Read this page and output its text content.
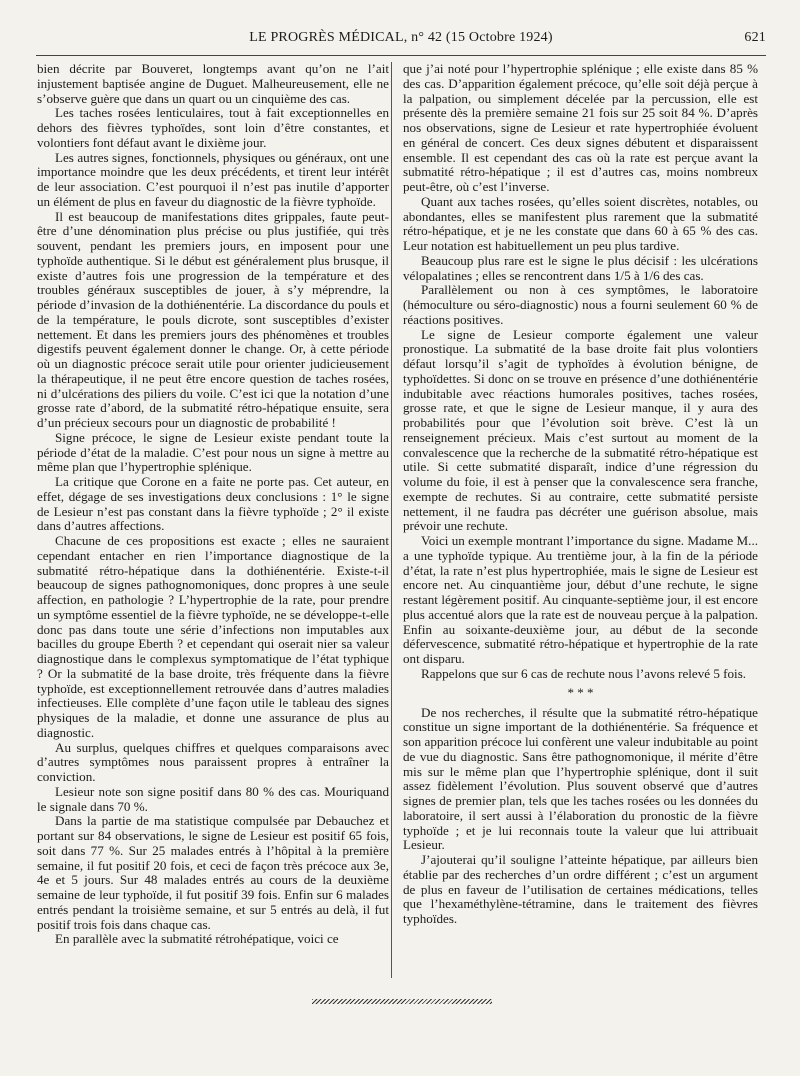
LE PROGRÈS MÉDICAL, n° 42 (15 Octobre 1924)	621

bien décrite par Bouveret, longtemps avant qu’on ne l’ait injustement baptisée angine de Duguet. Malheureusement, elle ne s’observe guère que dans un quart ou un cinquième des cas.

Les taches rosées lenticulaires, tout à fait exceptionnelles en dehors des fièvres typhoïdes, sont loin d’être constantes, et volontiers font défaut avant le dixième jour.

Les autres signes, fonctionnels, physiques ou généraux, ont une importance moindre que les deux précédents, et tirent leur intérêt de leur association. C’est pourquoi il n’est pas inutile d’apporter un élément de plus en faveur du diagnostic de la fièvre typhoïde.

Il est beaucoup de manifestations dites grippales, faute peut-être d’une dénomination plus précise ou plus justifiée, qui très souvent, pendant les premiers jours, en imposent pour une typhoïde authentique. Si le début est généralement plus brusque, il existe d’autres fois une progression de la température et des troubles généraux susceptibles de jouer, à s’y méprendre, la période d’invasion de la dothiénentérie. La discordance du pouls et de la température, le pouls dicrote, sont susceptibles d’exister nettement. Et dans les premiers jours des phénomènes et troubles digestifs peuvent également donner le change. Or, à cette période où un diagnostic précoce serait utile pour orienter judicieusement la thérapeutique, il ne peut être encore question de taches rosées, ni d’ulcérations des piliers du voile. C’est ici que la notation d’une grosse rate d’abord, de la submatité rétro-hépatique ensuite, sera d’un précieux secours pour un diagnostic de probabilité !

Signe précoce, le signe de Lesieur existe pendant toute la période d’état de la maladie. C’est pour nous un signe à mettre au même plan que l’hypertrophie splénique.

La critique que Corone en a faite ne porte pas. Cet auteur, en effet, dégage de ses investigations deux conclusions : 1° le signe de Lesieur n’est pas constant dans la fièvre typhoïde ; 2° il existe dans d’autres affections.

Chacune de ces propositions est exacte ; elles ne sauraient cependant entacher en rien l’importance diagnostique de la submatité rétro-hépatique dans la dothiénentérie. Existe-t-il beaucoup de signes pathognomoniques, donc propres à une seule affection, en pathologie ? L’hypertrophie de la rate, pour prendre un symptôme essentiel de la fièvre typhoïde, ne se développe-t-elle donc pas dans toute une série d’infections non imputables aux bacilles du groupe Eberth ? et cependant qui oserait nier sa valeur diagnostique dans le complexus symptomatique de l’état typhique ? Or la submatité de la base droite, très fréquente dans la fièvre typhoïde, est exceptionnellement retrouvée dans d’autres maladies infectieuses. Elle complète d’une façon utile le tableau des signes physiques de la maladie, et donne une assurance de plus au diagnostic.

Au surplus, quelques chiffres et quelques comparaisons avec d’autres symptômes nous paraissent propres à entraîner la conviction.

Lesieur note son signe positif dans 80 % des cas. Mouriquand le signale dans 70 %.

Dans la partie de ma statistique compulsée par Debauchez et portant sur 84 observations, le signe de Lesieur est positif 65 fois, soit dans 77 %. Sur 25 malades entrés à l’hôpital à la première semaine, il fut positif 20 fois, et ceci de façon très précoce aux 3e, 4e et 5 jours. Sur 48 malades entrés au cours de la deuxième semaine de leur typhoïde, il fut positif 39 fois. Enfin sur 6 malades entrés pendant la troisième semaine, et sur 5 entrés au delà, il fut positif trois fois dans chaque cas.

En parallèle avec la submatité rétrohépatique, voici ce

que j’ai noté pour l’hypertrophie splénique ; elle existe dans 85 % des cas. D’apparition également précoce, qu’elle soit déjà perçue à la palpation, ou simplement décelée par la percussion, elle est présente dès la première semaine 21 fois sur 25 soit 84 %. D’après nos observations, signe de Lesieur et rate hypertrophiée évoluent en général de concert. Ces deux signes débutent et disparaissent ensemble. Il est cependant des cas où la rate est perçue avant la submatité rétro-hépatique ; il est d’autres cas, moins nombreux peut-être, où c’est l’inverse.

Quant aux taches rosées, qu’elles soient discrètes, notables, ou abondantes, elles se manifestent plus rarement que la submatité rétro-hépatique, et je ne les constate que dans 60 à 65 % des cas. Leur notation est habituellement un peu plus tardive.

Beaucoup plus rare est le signe le plus décisif : les ulcérations vélopalatines ; elles se rencontrent dans 1/5 à 1/6 des cas.

Parallèlement ou non à ces symptômes, le laboratoire (hémoculture ou séro-diagnostic) nous a fourni seulement 60 % de réactions positives.

Le signe de Lesieur comporte également une valeur pronostique. La submatité de la base droite fait plus volontiers défaut lorsqu’il s’agit de typhoïdes à évolution bénigne, de typhoïdettes. Si donc on se trouve en présence d’une dothiénentérie indubitable avec réactions humorales positives, taches rosées, grosse rate, et que le signe de Lesieur manque, il y aura des probabilités pour que l’évolution soit brève. C’est là un renseignement précieux. Mais c’est surtout au moment de la convalescence que la recherche de la submatité rétro-hépatique est utile. Si cette submatité disparaît, indice d’une régression du volume du foie, il est à penser que la convalescence sera franche, exempte de rechutes. Si au contraire, cette submatité persiste nettement, il ne faudra pas décréter une guérison absolue, mais prévoir une rechute.

Voici un exemple montrant l’importance du signe. Madame M... a une typhoïde typique. Au trentième jour, à la fin de la période d’état, la rate n’est plus hypertrophiée, mais le signe de Lesieur est encore net. Au cinquantième jour, début d’une rechute, le signe restant légèrement positif. Au cinquante-septième jour, il est encore plus accentué alors que la rate est de nouveau perçue à la palpation. Enfin au soixante-deuxième jour, au début de la seconde défervescence, submatité rétro-hépatique et hypertrophie de la rate ont disparu.

Rappelons que sur 6 cas de rechute nous l’avons relevé 5 fois.

* * *

De nos recherches, il résulte que la submatité rétro-hépatique constitue un signe important de la dothiénentérie. Sa fréquence et son apparition précoce lui confèrent une valeur indubitable au point de vue du diagnostic. Sans être pathognomonique, il mérite d’être mis sur le même plan que l’hypertrophie splénique, dont il suit assez fidèlement l’évolution. Plus souvent observé que d’autres signes de premier plan, tels que les taches rosées ou les données du laboratoire, il sert aussi à l’élaboration du pronostic de la fièvre typhoïde ; et je lui reconnais toute la valeur que lui attribuait Lesieur.

J’ajouterai qu’il souligne l’atteinte hépatique, par ailleurs bien établie par des recherches d’un ordre différent ; c’est un argument de plus en faveur de l’utilisation de certaines médications, telles que l’hexaméthylène-tétramine, dans le traitement des fièvres typhoïdes.
